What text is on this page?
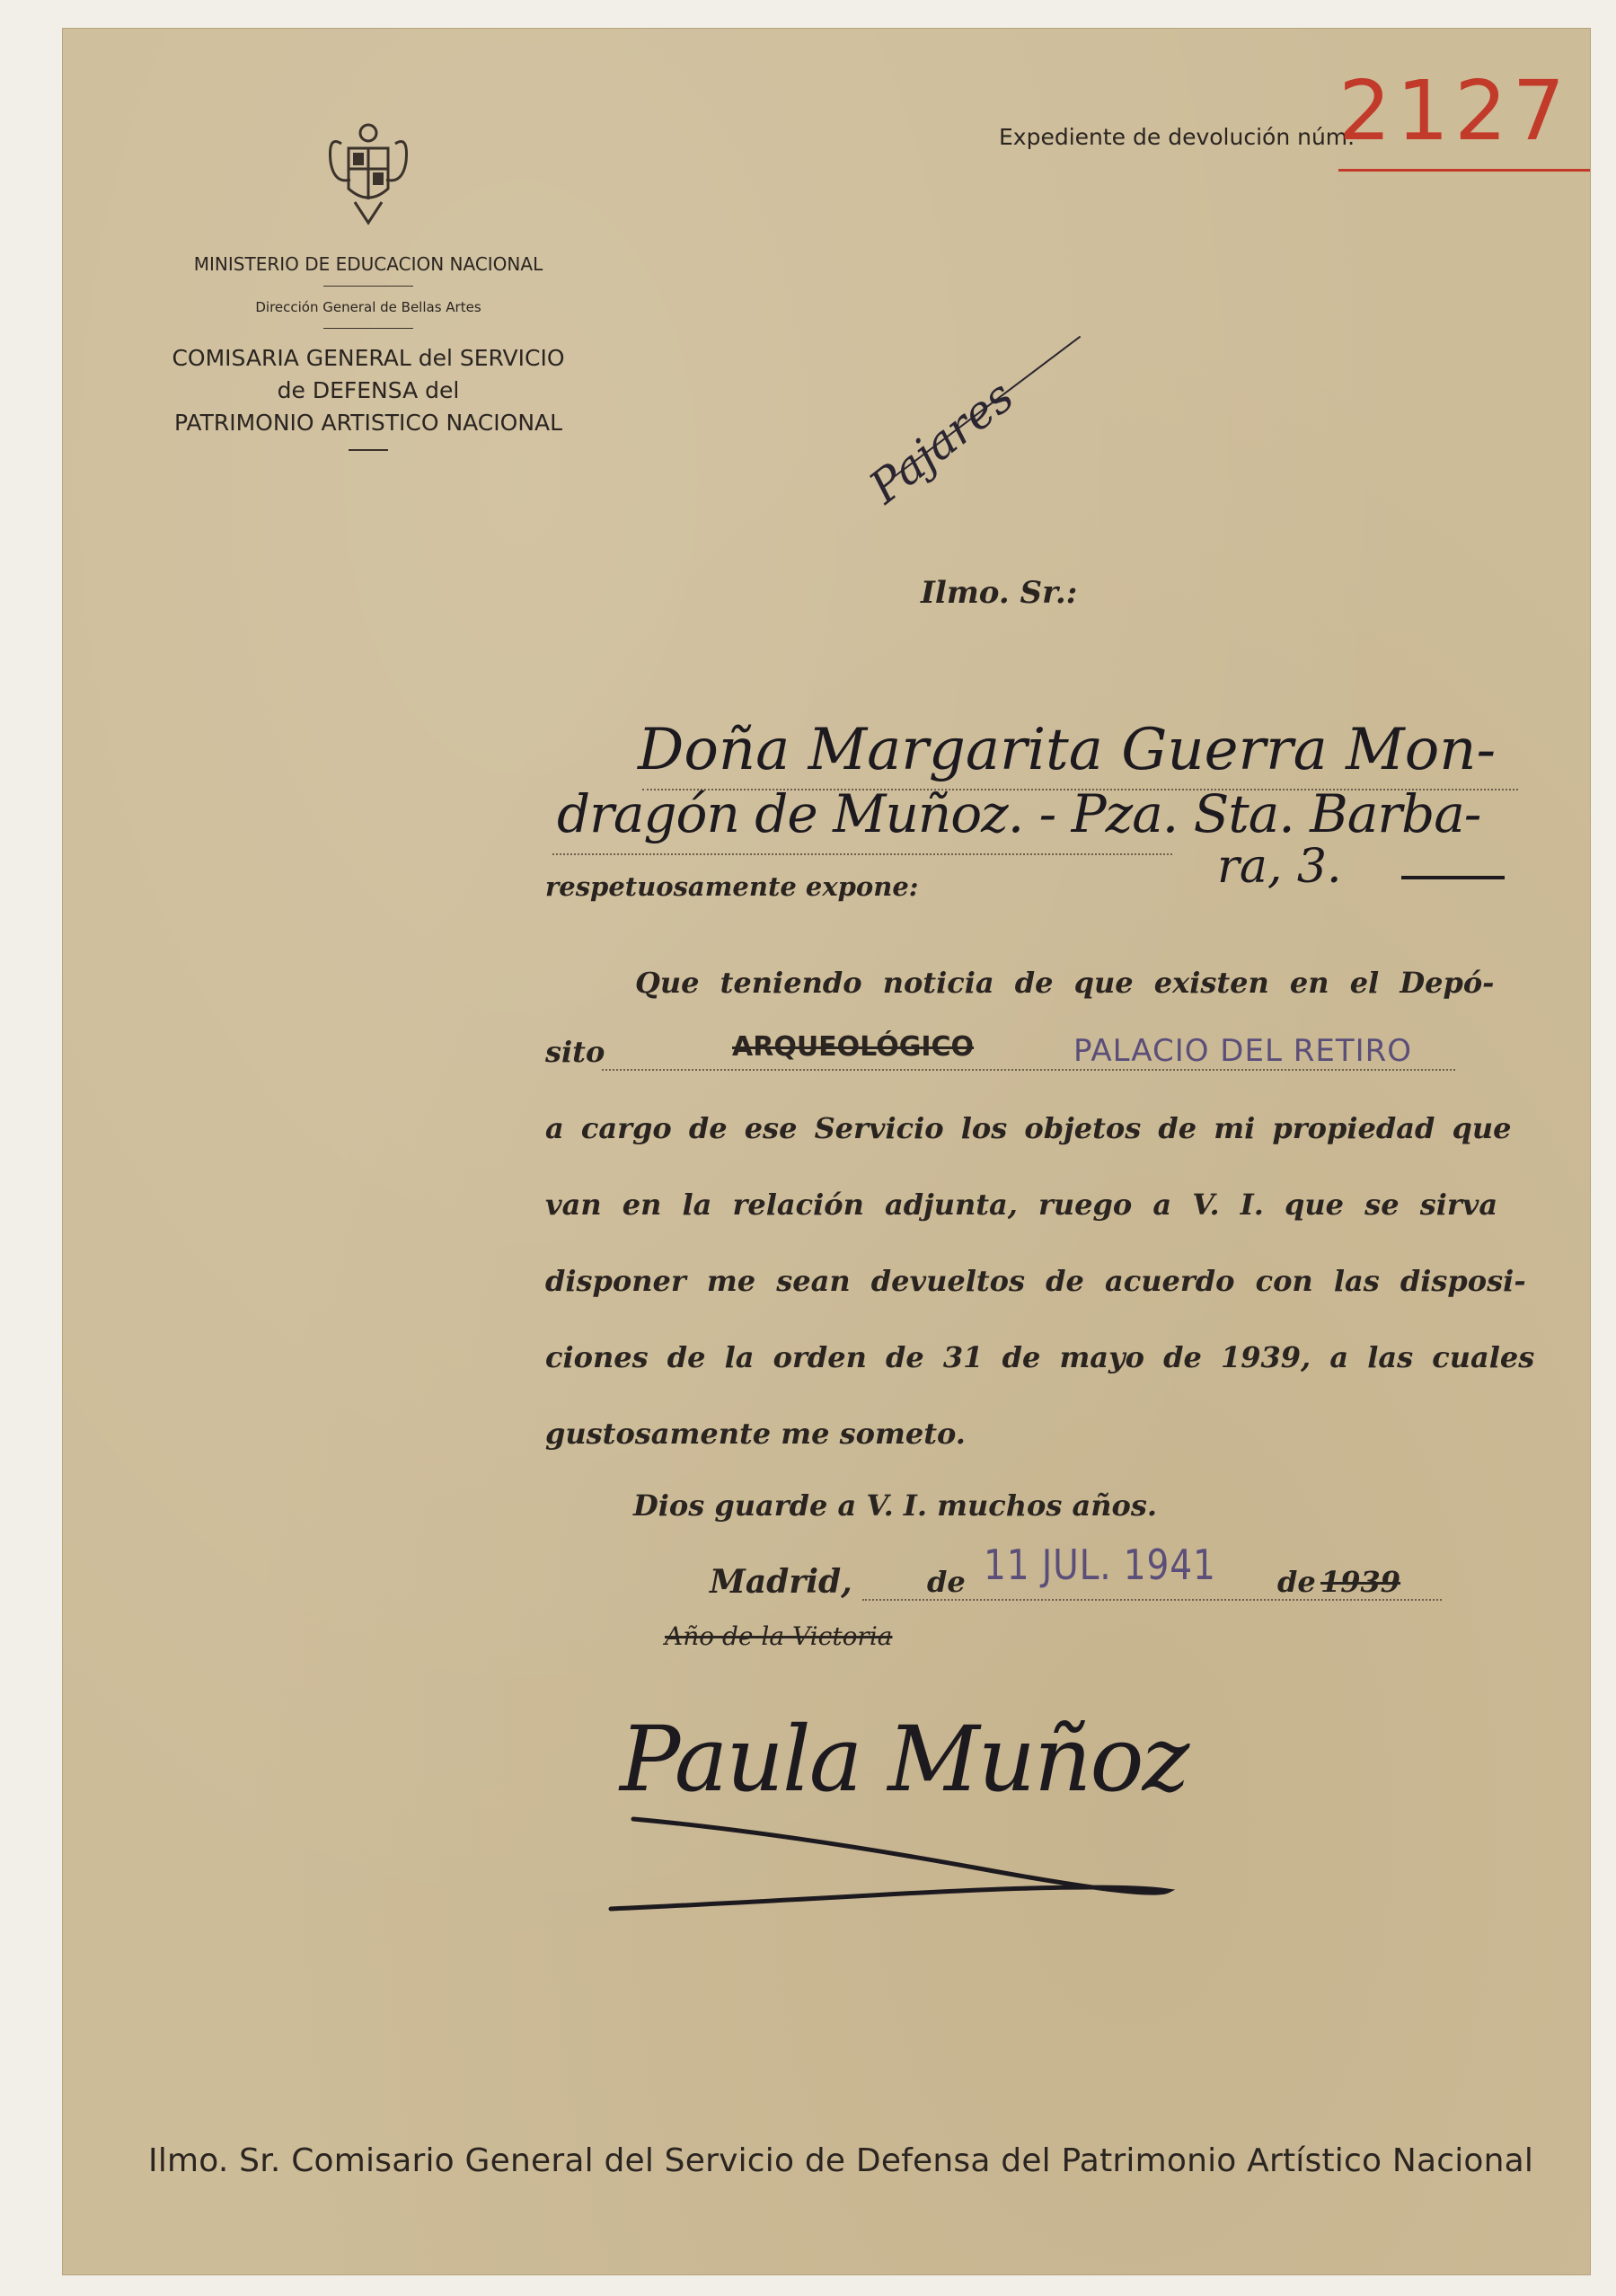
Expediente de devolución núm.
2127
MINISTERIO DE EDUCACION NACIONAL
Dirección General de Bellas Artes
COMISARIA GENERAL del SERVICIO
de DEFENSA del
PATRIMONIO ARTISTICO NACIONAL	Pajares
Ilmo. Sr.:
Doña Margarita Guerra Mon-
dragón de Muñoz. - Pza. Sta. Barba-
ra, 3.
respetuosamente expone:
Que teniendo noticia de que existen en el Depó-
sito	ARQUEOLÓGICO	PALACIO DEL RETIRO
a cargo de ese Servicio los objetos de mi propiedad que
van en la relación adjunta, ruego a V. I. que se sirva
disponer me sean devueltos de acuerdo con las disposi-
ciones de la orden de 31 de mayo de 1939, a las cuales
gustosamente me someto.
Dios guarde a V. I. muchos años.
Madrid,	de 11 JUL. 1941 de 1939
Año de la Victoria
Paula Muñoz
Ilmo. Sr. Comisario General del Servicio de Defensa del Patrimonio Artístico Nacional
